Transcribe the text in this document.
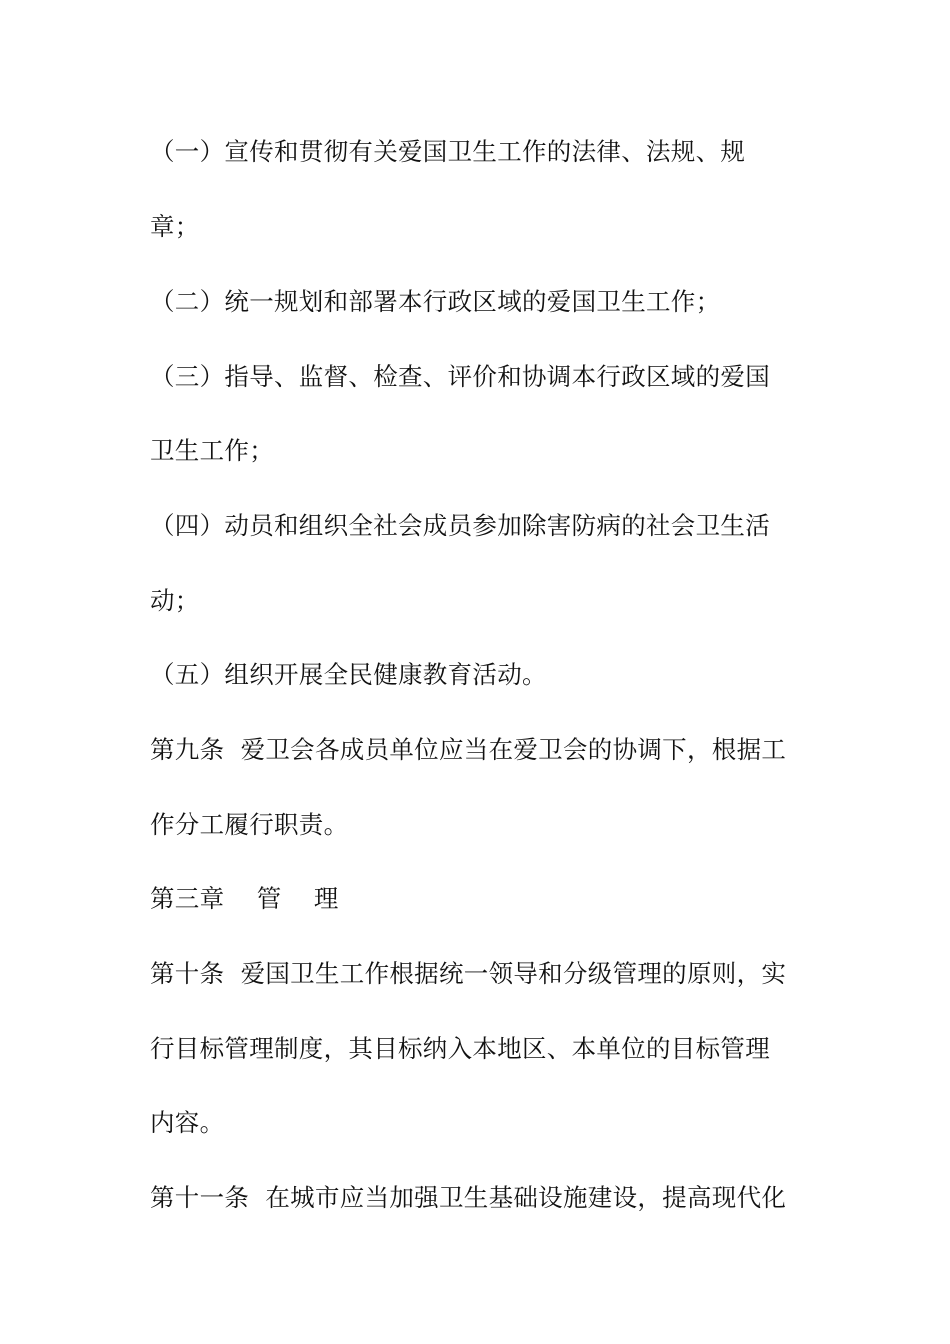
（一）宣传和贯彻有关爱国卫生工作的法律、法规、规
章；
（二）统一规划和部署本行政区域的爱国卫生工作；
（三）指导、监督、检查、评价和协调本行政区域的爱国
卫生工作；
（四）动员和组织全社会成员参加除害防病的社会卫生活
动；
（五）组织开展全民健康教育活动。
第九条  爱卫会各成员单位应当在爱卫会的协调下，根据工
作分工履行职责。
第三章    管    理
第十条  爱国卫生工作根据统一领导和分级管理的原则，实
行目标管理制度，其目标纳入本地区、本单位的目标管理
内容。
第十一条  在城市应当加强卫生基础设施建设，提高现代化
